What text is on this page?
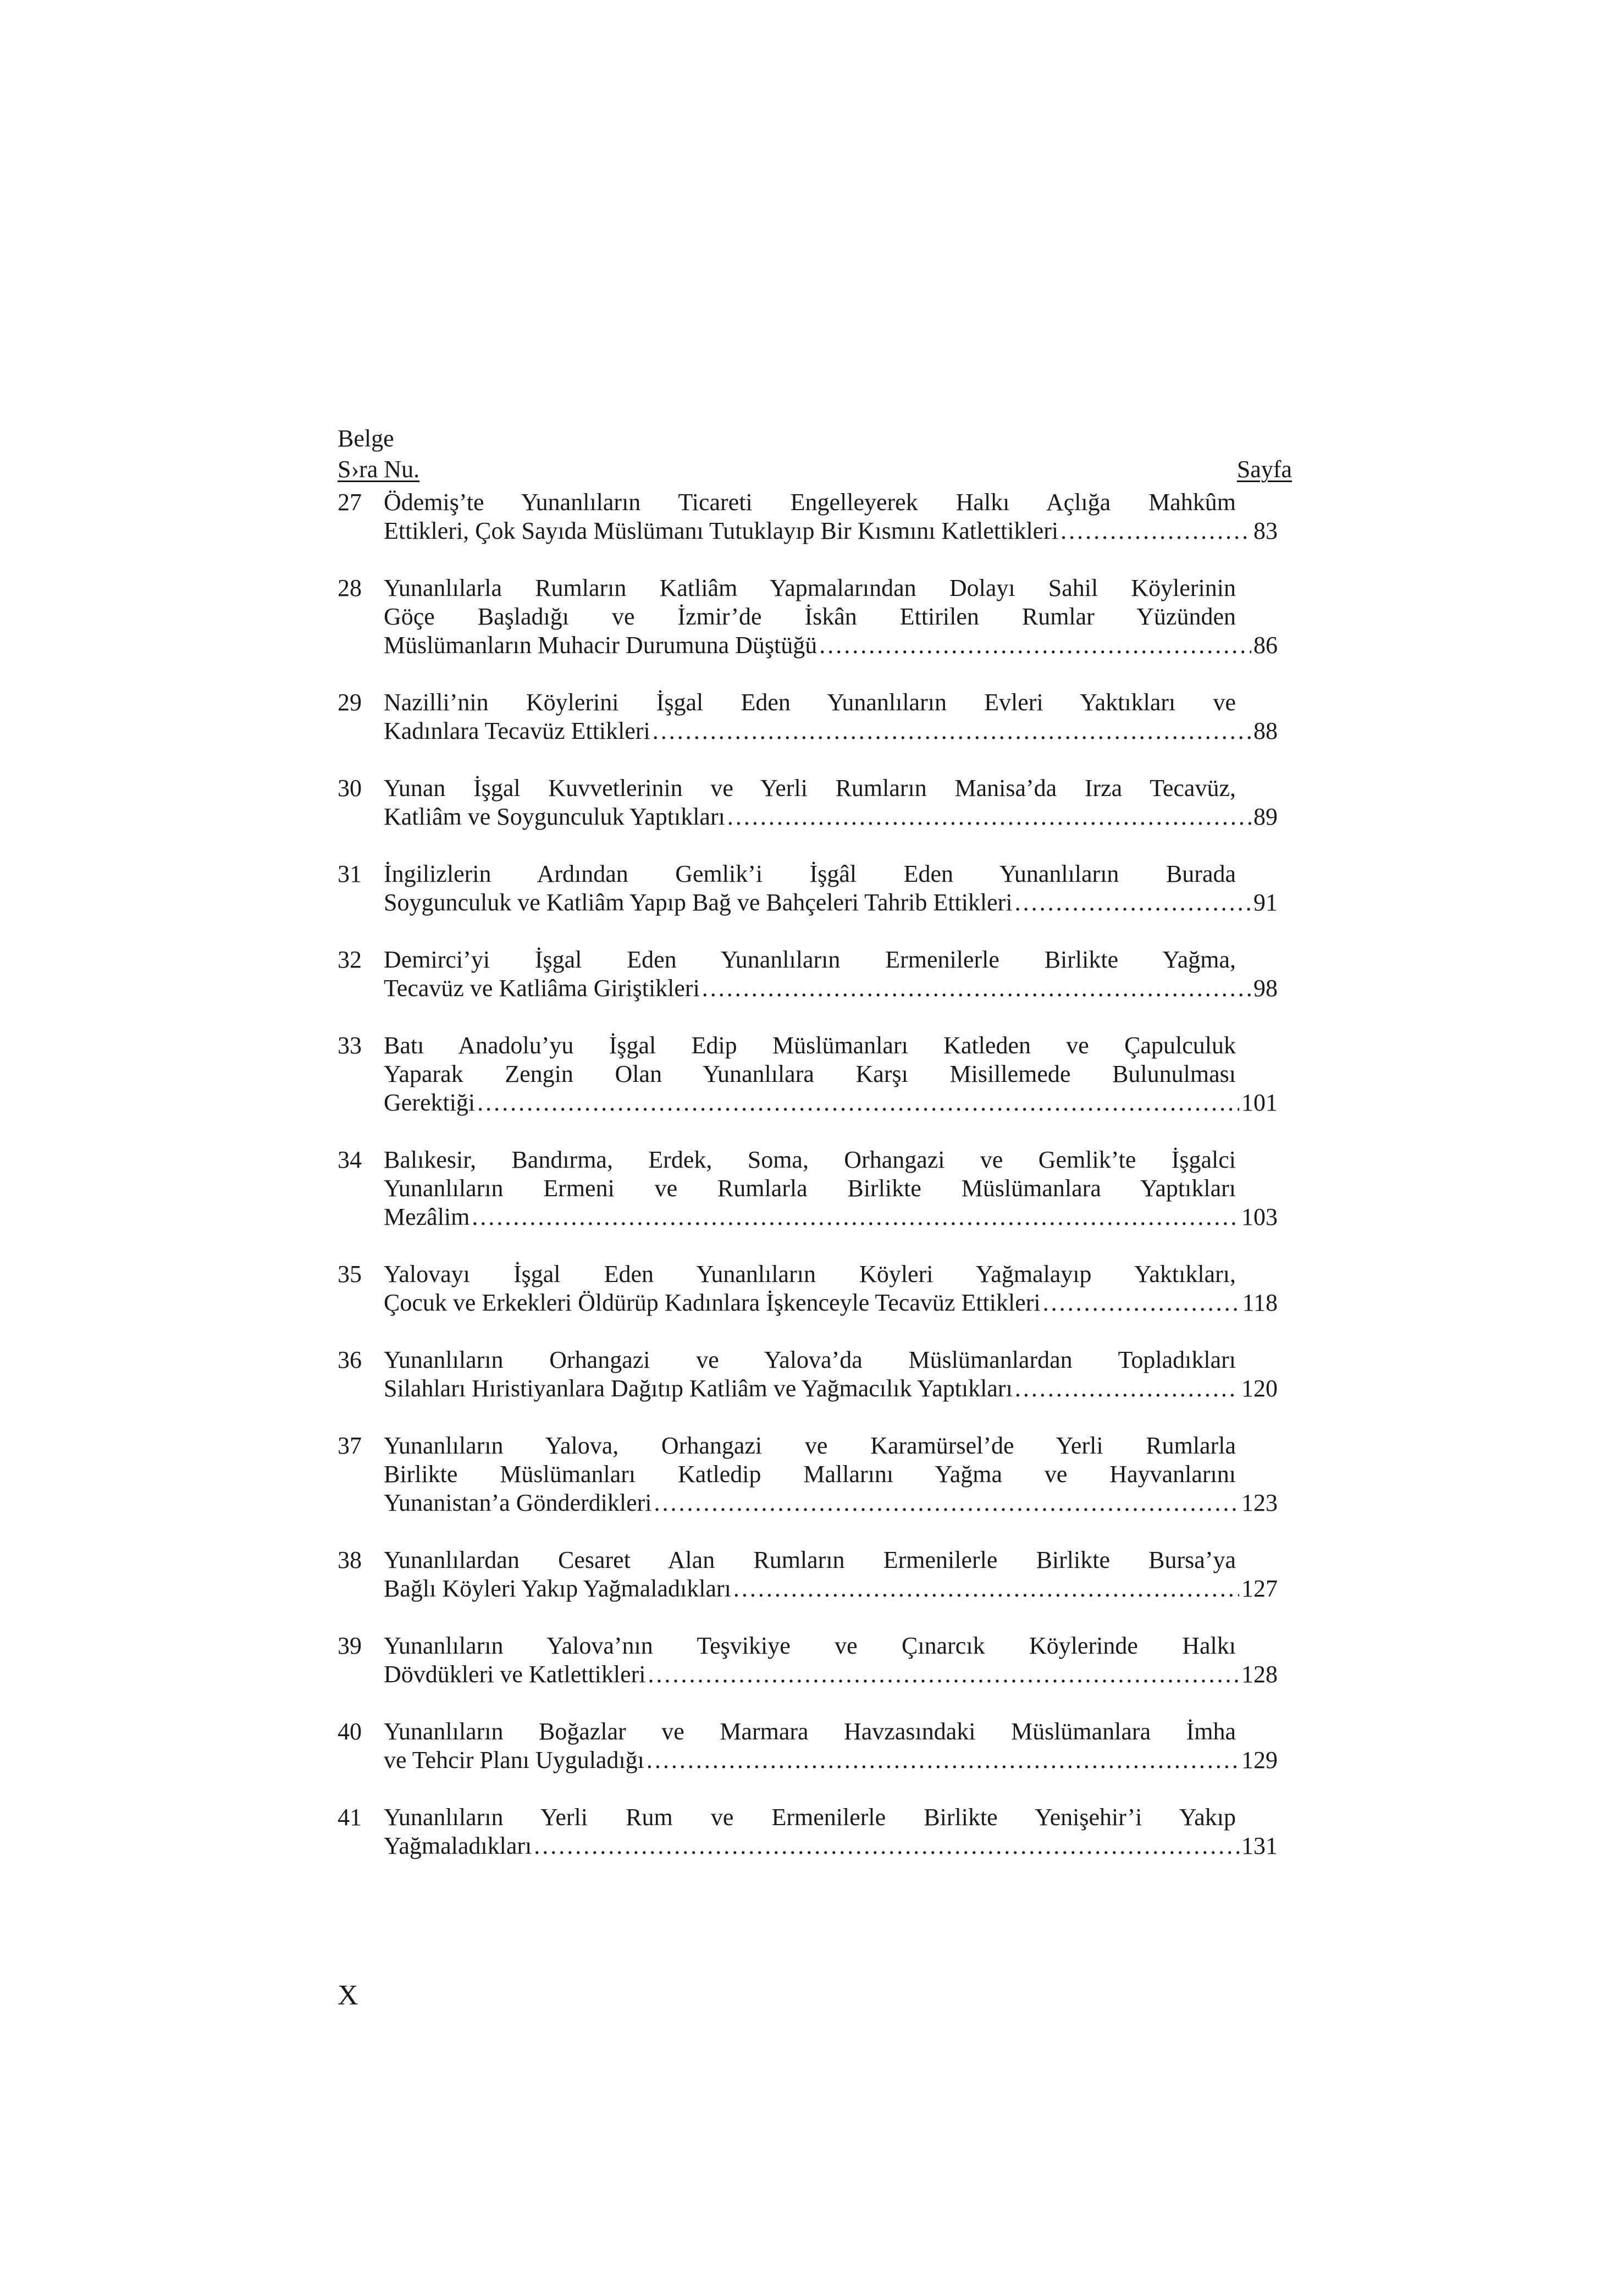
Belge
S›ra Nu.	Sayfa
27 Ödemiş’te Yunanlıların Ticareti Engelleyerek Halkı Açlığa Mahkûm
Ettikleri, Çok Sayıda Müslümanı Tutuklayıp Bir Kısmını Katlettikleri .....	83
28 Yunanlılarla Rumların Katliâm Yapmalarından Dolayı Sahil Köylerinin
Göçe Başladığı ve İzmir’de İskân Ettirilen Rumlar Yüzünden
Müslümanların Muhacir Durumuna Düştüğü .....	86
29 Nazilli’nin Köylerini İşgal Eden Yunanlıların Evleri Yaktıkları ve
Kadınlara Tecavüz Ettikleri .....	88
30 Yunan İşgal Kuvvetlerinin ve Yerli Rumların Manisa’da Irza Tecavüz,
Katliâm ve Soygunculuk Yaptıkları .....	89
31 İngilizlerin Ardından Gemlik’i İşgâl Eden Yunanlıların Burada
Soygunculuk ve Katliâm Yapıp Bağ ve Bahçeleri Tahrib Ettikleri .....	91
32 Demirci’yi İşgal Eden Yunanlıların Ermenilerle Birlikte Yağma,
Tecavüz ve Katliâma Giriştikleri .....	98
33 Batı Anadolu’yu İşgal Edip Müslümanları Katleden ve Çapulculuk
Yaparak Zengin Olan Yunanlılara Karşı Misillemede Bulunulması
Gerektiği .....	101
34 Balıkesir, Bandırma, Erdek, Soma, Orhangazi ve Gemlik’te İşgalci
Yunanlıların Ermeni ve Rumlarla Birlikte Müslümanlara Yaptıkları
Mezâlim .....	103
35 Yalovayı İşgal Eden Yunanlıların Köyleri Yağmalayıp Yaktıkları,
Çocuk ve Erkekleri Öldürüp Kadınlara İşkenceyle Tecavüz Ettikleri .....	118
36 Yunanlıların Orhangazi ve Yalova’da Müslümanlardan Topladıkları
Silahları Hıristiyanlara Dağıtıp Katliâm ve Yağmacılık Yaptıkları .....	120
37 Yunanlıların Yalova, Orhangazi ve Karamürsel’de Yerli Rumlarla
Birlikte Müslümanları Katledip Mallarını Yağma ve Hayvanlarını
Yunanistan’a Gönderdikleri .....	123
38 Yunanlılardan Cesaret Alan Rumların Ermenilerle Birlikte Bursa’ya
Bağlı Köyleri Yakıp Yağmaladıkları .....	127
39 Yunanlıların Yalova’nın Teşvikiye ve Çınarcık Köylerinde Halkı
Dövdükleri ve Katlettikleri .....	128
40 Yunanlıların Boğazlar ve Marmara Havzasındaki Müslümanlara İmha
ve Tehcir Planı Uyguladığı .....	129
41 Yunanlıların Yerli Rum ve Ermenilerle Birlikte Yenişehir’i Yakıp
Yağmaladıkları .....	131
X
